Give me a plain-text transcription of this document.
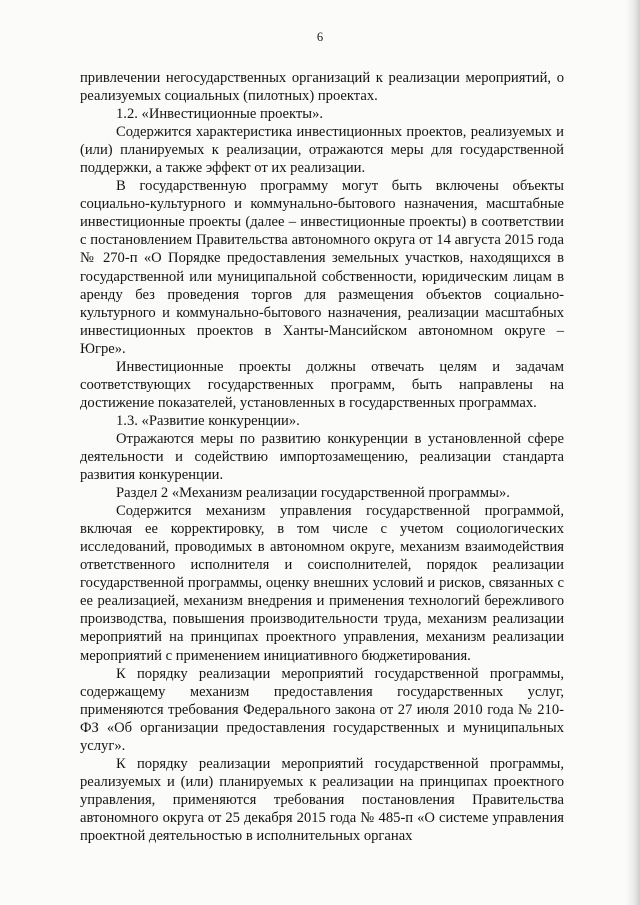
6

привлечении негосударственных организаций к реализации мероприятий, о реализуемых социальных (пилотных) проектах.

1.2. «Инвестиционные проекты».

Содержится характеристика инвестиционных проектов, реализуемых и (или) планируемых к реализации, отражаются меры для государственной поддержки, а также эффект от их реализации.

В государственную программу могут быть включены объекты социально-культурного и коммунально-бытового назначения, масштабные инвестиционные проекты (далее – инвестиционные проекты) в соответствии с постановлением Правительства автономного округа от 14 августа 2015 года № 270-п «О Порядке предоставления земельных участков, находящихся в государственной или муниципальной собственности, юридическим лицам в аренду без проведения торгов для размещения объектов социально-культурного и коммунально-бытового назначения, реализации масштабных инвестиционных проектов в Ханты-Мансийском автономном округе – Югре».

Инвестиционные проекты должны отвечать целям и задачам соответствующих государственных программ, быть направлены на достижение показателей, установленных в государственных программах.

1.3. «Развитие конкуренции».

Отражаются меры по развитию конкуренции в установленной сфере деятельности и содействию импортозамещению, реализации стандарта развития конкуренции.

Раздел 2 «Механизм реализации государственной программы».

Содержится механизм управления государственной программой, включая ее корректировку, в том числе с учетом социологических исследований, проводимых в автономном округе, механизм взаимодействия ответственного исполнителя и соисполнителей, порядок реализации государственной программы, оценку внешних условий и рисков, связанных с ее реализацией, механизм внедрения и применения технологий бережливого производства, повышения производительности труда, механизм реализации мероприятий на принципах проектного управления, механизм реализации мероприятий с применением инициативного бюджетирования.

К порядку реализации мероприятий государственной программы, содержащему механизм предоставления государственных услуг, применяются требования Федерального закона от 27 июля 2010 года № 210-ФЗ «Об организации предоставления государственных и муниципальных услуг».

К порядку реализации мероприятий государственной программы, реализуемых и (или) планируемых к реализации на принципах проектного управления, применяются требования постановления Правительства автономного округа от 25 декабря 2015 года № 485-п «О системе управления проектной деятельностью в исполнительных органах
